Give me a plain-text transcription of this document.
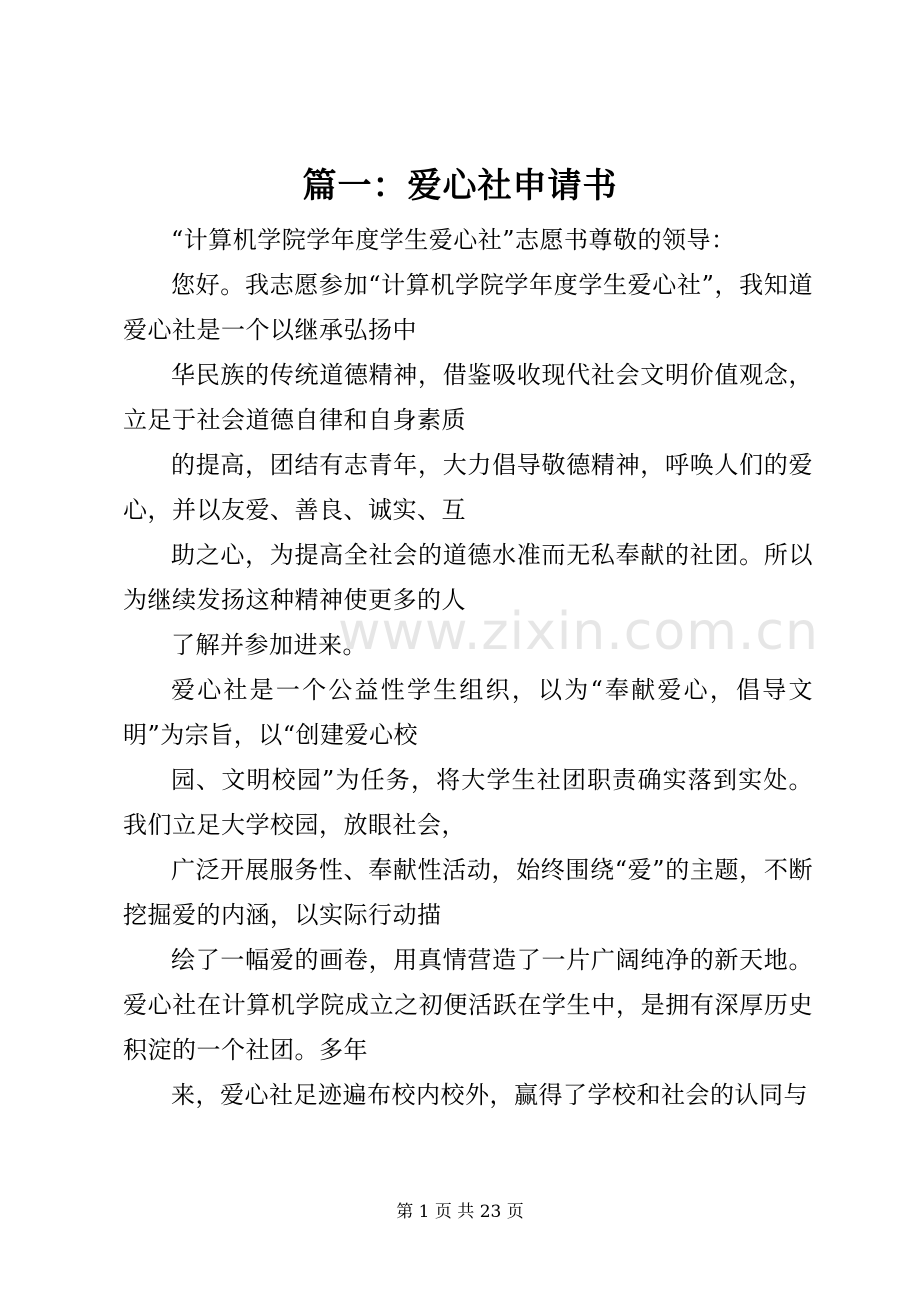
篇一：爱心社申请书

“计算机学院学年度学生爱心社”志愿书尊敬的领导：

您好。我志愿参加“计算机学院学年度学生爱心社”，我知道爱心社是一个以继承弘扬中

华民族的传统道德精神，借鉴吸收现代社会文明价值观念，立足于社会道德自律和自身素质

的提高，团结有志青年，大力倡导敬德精神，呼唤人们的爱心，并以友爱、善良、诚实、互

助之心，为提高全社会的道德水准而无私奉献的社团。所以为继续发扬这种精神使更多的人

了解并参加进来。

爱心社是一个公益性学生组织，以为“奉献爱心，倡导文明”为宗旨，以“创建爱心校

园、文明校园”为任务，将大学生社团职责确实落到实处。我们立足大学校园，放眼社会，

广泛开展服务性、奉献性活动，始终围绕“爱”的主题，不断挖掘爱的内涵，以实际行动描

绘了一幅爱的画卷，用真情营造了一片广阔纯净的新天地。爱心社在计算机学院成立之初便活跃在学生中，是拥有深厚历史积淀的一个社团。多年

来，爱心社足迹遍布校内校外，赢得了学校和社会的认同与

www.zixin.com.cn
第 1 页 共 23 页
